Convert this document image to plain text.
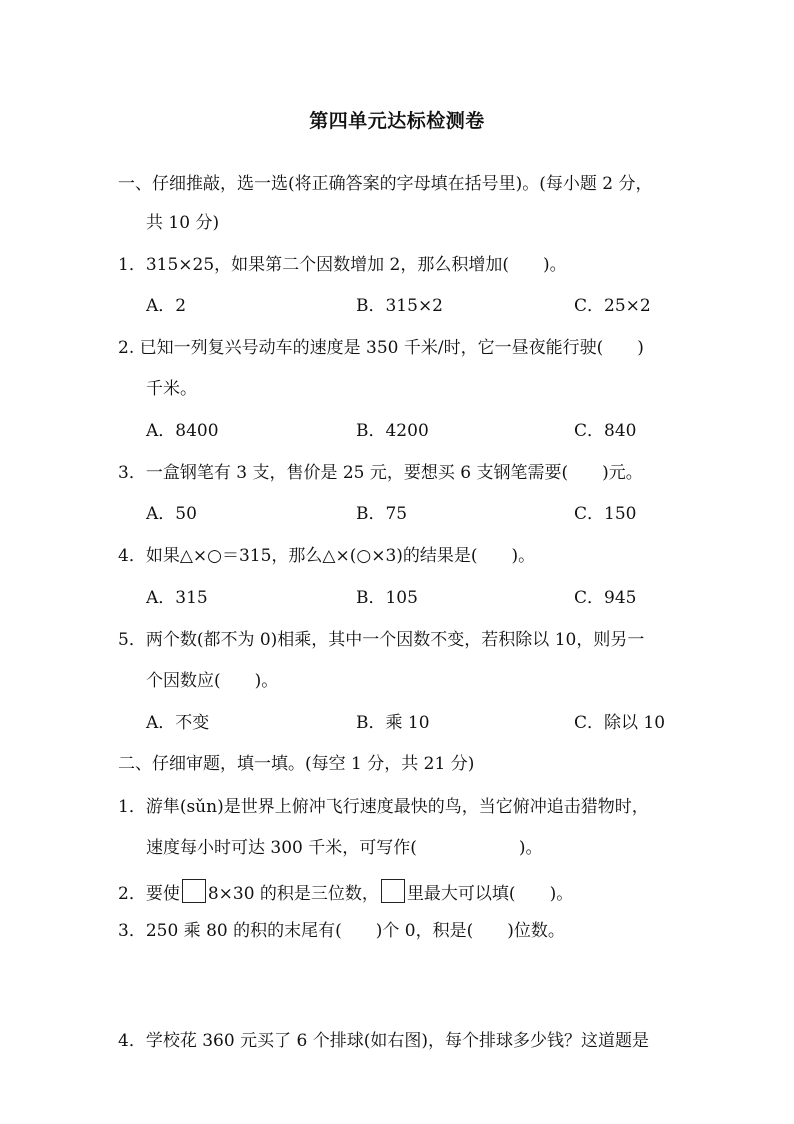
第四单元达标检测卷
一、仔细推敲，选一选(将正确答案的字母填在括号里)。(每小题 2 分，
共 10 分)
1．315×25，如果第二个因数增加 2，那么积增加(　　)。
A．2	B．315×2	C．25×2
2. 已知一列复兴号动车的速度是 350 千米/时，它一昼夜能行驶(　　)
千米。
A．8400	B．4200	C．840
3．一盒钢笔有 3 支，售价是 25 元，要想买 6 支钢笔需要(　　)元。
A．50	B．75	C．150
4．如果△×○＝315，那么△×(○×3)的结果是(　　)。
A．315	B．105	C．945
5．两个数(都不为 0)相乘，其中一个因数不变，若积除以 10，则另一
个因数应(　　)。
A．不变	B．乘 10	C．除以 10
二、仔细审题，填一填。(每空 1 分，共 21 分)
1．游隼(sǔn)是世界上俯冲飞行速度最快的鸟，当它俯冲追击猎物时，
速度每小时可达 300 千米，可写作(　　　　　　)。
2．要使 8×30 的积是三位数， 里最大可以填(　　)。
3．250 乘 80 的积的末尾有(　　)个 0，积是(　　)位数。
4．学校花 360 元买了 6 个排球(如右图)，每个排球多少钱？这道题是
